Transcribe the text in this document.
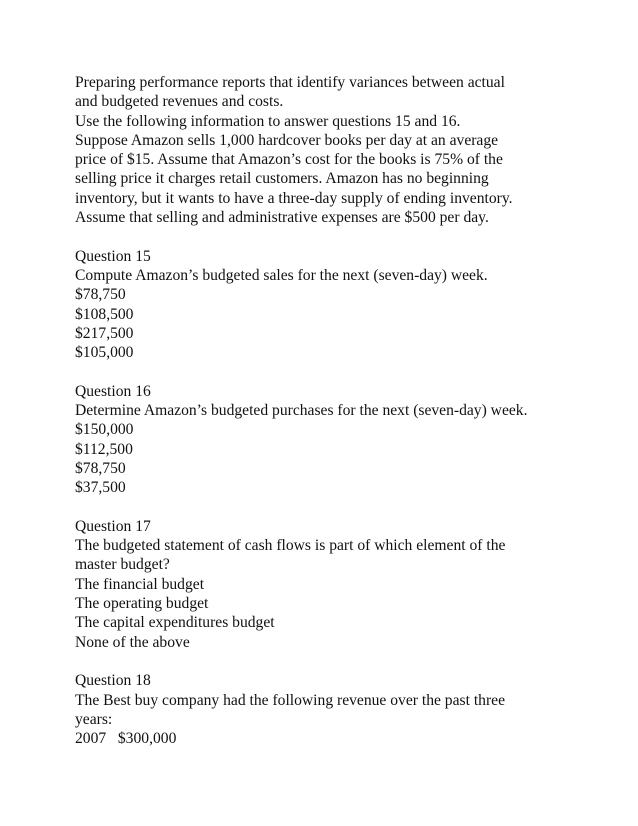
Preparing performance reports that identify variances between actual
and budgeted revenues and costs.
Use the following information to answer questions 15 and 16.
Suppose Amazon sells 1,000 hardcover books per day at an average
price of $15. Assume that Amazon’s cost for the books is 75% of the
selling price it charges retail customers. Amazon has no beginning
inventory, but it wants to have a three-day supply of ending inventory.
Assume that selling and administrative expenses are $500 per day.
Question 15
Compute Amazon’s budgeted sales for the next (seven-day) week.
$78,750
$108,500
$217,500
$105,000
Question 16
Determine Amazon’s budgeted purchases for the next (seven-day) week.
$150,000
$112,500
$78,750
$37,500
Question 17
The budgeted statement of cash flows is part of which element of the
master budget?
The financial budget
The operating budget
The capital expenditures budget
None of the above
Question 18
The Best buy company had the following revenue over the past three
years:
2007   $300,000
